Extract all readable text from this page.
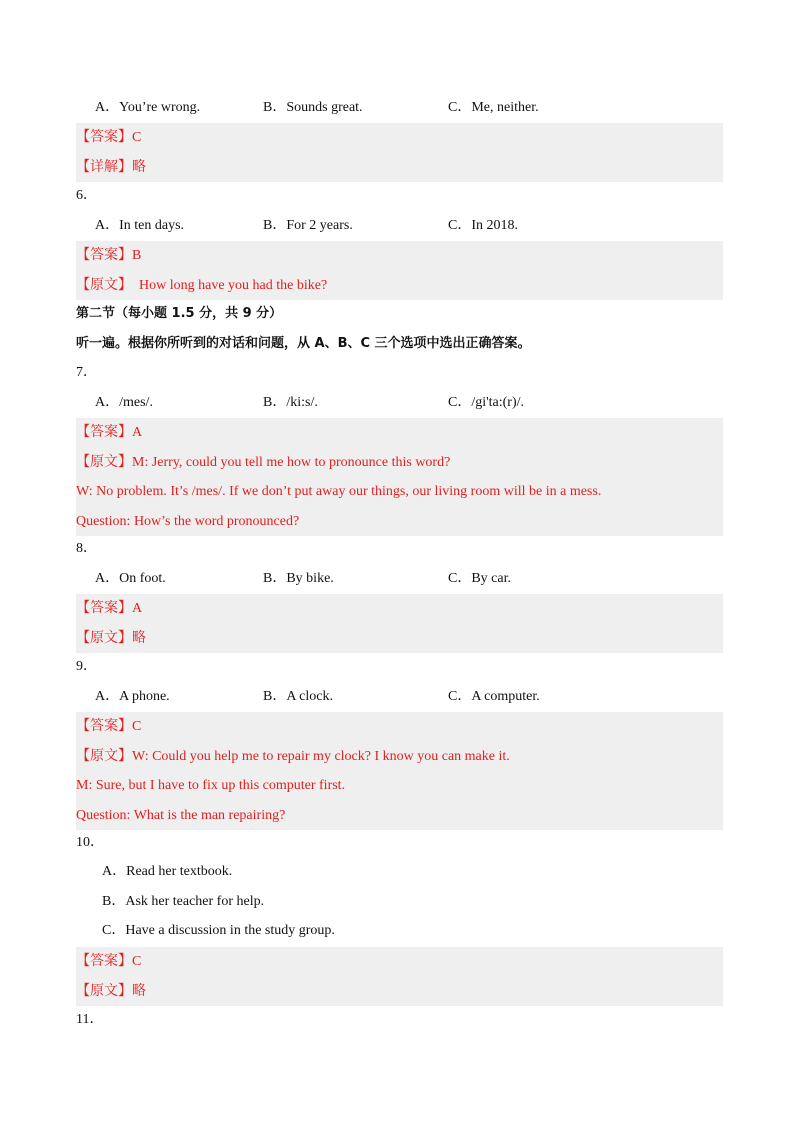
A．You’re wrong.	B．Sounds great.	C．Me, neither.
【答案】C
【详解】略
6．
A．In ten days.	B．For 2 years.	C．In 2018.
【答案】B
【原文】  How long have you had the bike?
第二节（每小题 1.5 分，共 9 分）
听一遍。根据你所听到的对话和问题，从 A、B、C 三个选项中选出正确答案。
7．
A．/mes/.	B．/ki:s/.	C．/gi'ta:(r)/.
【答案】A
【原文】M: Jerry, could you tell me how to pronounce this word?
W: No problem. It’s /mes/. If we don’t put away our things, our living room will be in a mess.
Question: How’s the word pronounced?
8．
A．On foot.	B．By bike.	C．By car.
【答案】A
【原文】略
9．
A．A phone.	B．A clock.	C．A computer.
【答案】C
【原文】W: Could you help me to repair my clock? I know you can make it.
M: Sure, but I have to fix up this computer first.
Question: What is the man repairing?
10．
A．Read her textbook.
B．Ask her teacher for help.
C．Have a discussion in the study group.
【答案】C
【原文】略
11．
